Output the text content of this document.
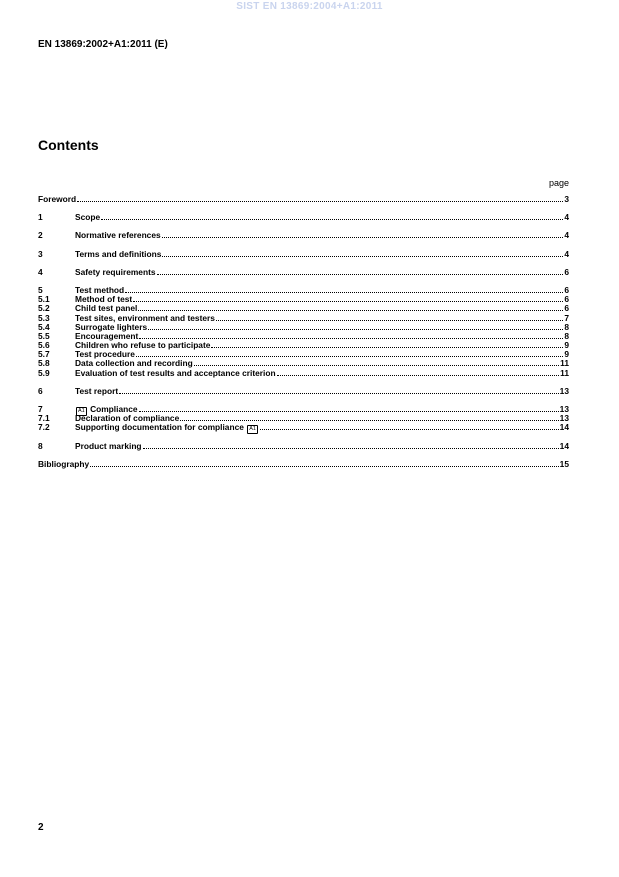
SIST EN 13869:2004+A1:2011
EN 13869:2002+A1:2011 (E)
Contents
page
Foreword	3
1	Scope	4
2	Normative references	4
3	Terms and definitions	4
4	Safety requirements	6
5	Test method	6
5.1	Method of test	6
5.2	Child test panel	6
5.3	Test sites, environment and testers	7
5.4	Surrogate lighters	8
5.5	Encouragement	8
5.6	Children who refuse to participate	9
5.7	Test procedure	9
5.8	Data collection and recording	11
5.9	Evaluation of test results and acceptance criterion	11
6	Test report	13
7	A1 Compliance	13
7.1	Declaration of compliance	13
7.2	Supporting documentation for compliance A1	14
8	Product marking	14
Bibliography	15
2
